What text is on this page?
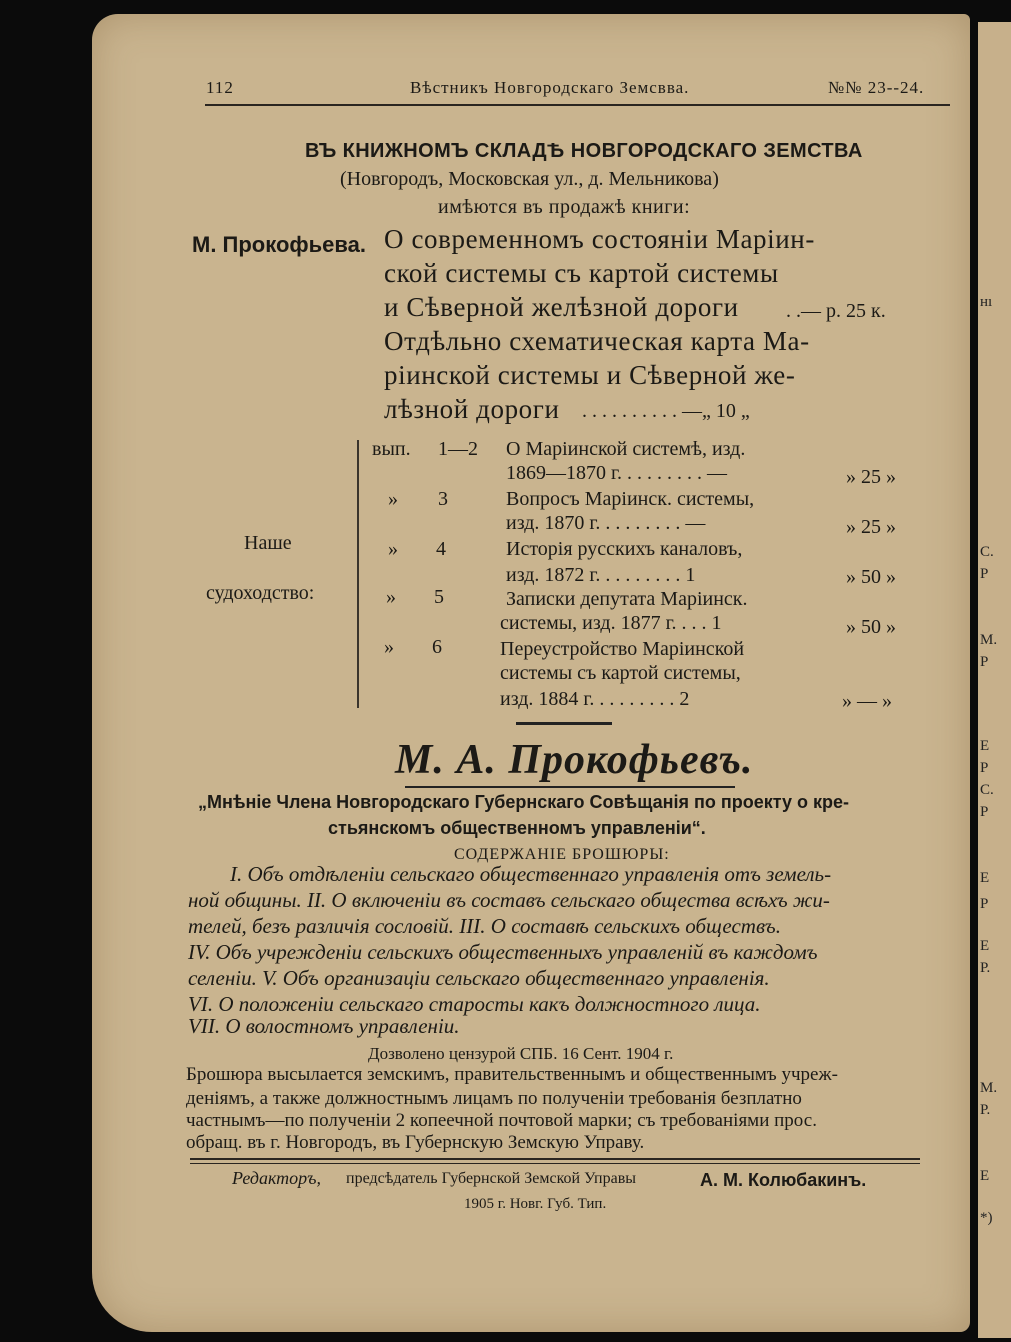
нı
С.
Р
М.
Р
Е
Р
С.
Р
Е
Р
Е
Р.
М.
Р.
Е
*)
112	Вѣстникъ Новгородскаго Земсвва.	№№ 23--24.
ВЪ КНИЖНОМЪ СКЛАДѢ НОВГОРОДСКАГО ЗЕМСТВА
(Новгородъ, Московская ул., д. Мельникова)
имѣются въ продажѣ книги:
М. Прокофьева. О современномъ состоянiи Марiин-
ской системы съ картой системы
и Сѣверной желѣзной дороги . .— р. 25 к.
Отдѣльно схематическая карта Ма-
рiинской системы и Сѣверной же-
лѣзной дороги . . . . . . . . . . —„ 10 „
Наше
судоходство:
вып. 1—2 О Марiинской системѣ, изд.
1869—1870 г. . . . . . . . . —	» 25 »
» 3	Вопросъ Марiинск. системы,
изд. 1870 г. . . . . . . . . —	» 25 »
» 4	Исторiя русскихъ каналовъ,
изд. 1872 г. . . . . . . . . 1	» 50 »
» 5	Записки депутата Марiинск.
системы, изд. 1877 г. . . . 1	» 50 »
» 6	Переустройство Марiинской
системы съ картой системы,
изд. 1884 г. . . . . . . . . 2	» — »
М. А. Прокофьевъ.
„Мнѣнiе Члена Новгородскаго Губернскаго Совѣщанiя по проекту о кре-
стьянскомъ общественномъ управленiи“.
СОДЕРЖАНIЕ БРОШЮРЫ:
I. Объ отдѣленiи сельскаго общественнаго управленiя отъ земель-
ной общины. II. О включенiи въ составъ сельскаго общества всѣхъ жи-
телей, безъ различiя сословiй. III. О составѣ сельскихъ обществъ.
IV. Объ учрежденiи сельскихъ общественныхъ управленiй въ каждомъ
селенiи. V. Объ организацiи сельскаго общественнаго управленiя.
VI. О положенiи сельскаго старосты какъ должностного лица.
VII. О волостномъ управленiи.
Дозволено цензурой СПБ. 16 Сент. 1904 г.
Брошюра высылается земскимъ, правительственнымъ и общественнымъ учреж-
денiямъ, а также должностнымъ лицамъ по полученiи требованiя безплатно
частнымъ—по полученiи 2 копеечной почтовой марки; съ требованiями прос.
обращ. въ г. Новгородъ, въ Губернскую Земскую Управу.
Редакторъ, предсѣдатель Губернской Земской Управы	А. М. Колюбакинъ.
1905 г. Новг. Губ. Тип.
